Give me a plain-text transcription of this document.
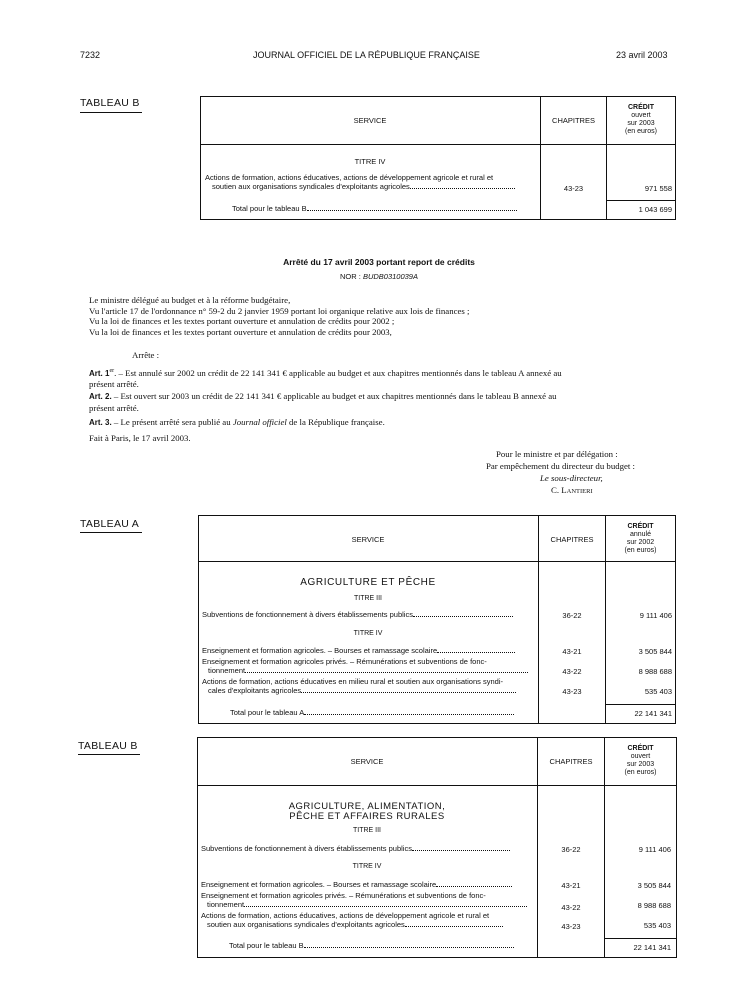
7232	JOURNAL OFFICIEL DE LA RÉPUBLIQUE FRANÇAISE	23 avril 2003
TABLEAU B
SERVICE	CHAPITRES
CRÉDIT
ouvert
sur 2003
(en euros)
TITRE IV
Actions de formation, actions éducatives, actions de développement agricole et rural et
soutien aux organisations syndicales d'exploitants agricoles	43-23	971 558
Total pour le tableau B	1 043 699
Arrêté du 17 avril 2003 portant report de crédits
NOR : BUDB0310039A

Le ministre délégué au budget et à la réforme budgétaire,

Vu l'article 17 de l'ordonnance n° 59-2 du 2 janvier 1959 portant loi organique relative aux lois de finances ;

Vu la loi de finances et les textes portant ouverture et annulation de crédits pour 2002 ;

Vu la loi de finances et les textes portant ouverture et annulation de crédits pour 2003,

Arrête :

Art. 1er. – Est annulé sur 2002 un crédit de 22 141 341 € applicable au budget et aux chapitres mentionnés dans le tableau A annexé au

présent arrêté.

Art. 2. – Est ouvert sur 2003 un crédit de 22 141 341 € applicable au budget et aux chapitres mentionnés dans le tableau B annexé au

présent arrêté.

Art. 3. – Le présent arrêté sera publié au Journal officiel de la République française.

Fait à Paris, le 17 avril 2003.
Pour le ministre et par délégation :
Par empêchement du directeur du budget :
Le sous-directeur,
C. LANTIERI
TABLEAU A
SERVICE	CHAPITRES
CRÉDIT
annulé
sur 2002
(en euros)
AGRICULTURE ET PÊCHE
TITRE III
Subventions de fonctionnement à divers établissements publics	36-22	9 111 406
TITRE IV
Enseignement et formation agricoles. – Bourses et ramassage scolaire	43-21	3 505 844
Enseignement et formation agricoles privés. – Rémunérations et subventions de fonc-
tionnement	43-22	8 988 688
Actions de formation, actions éducatives en milieu rural et soutien aux organisations syndi-
cales d'exploitants agricoles	43-23	535 403
Total pour le tableau A	22 141 341
TABLEAU B
SERVICE	CHAPITRES
CRÉDIT
ouvert
sur 2003
(en euros)
AGRICULTURE, ALIMENTATION,
PÊCHE ET AFFAIRES RURALES
TITRE III
Subventions de fonctionnement à divers établissements publics	36-22	9 111 406
TITRE IV
Enseignement et formation agricoles. – Bourses et ramassage scolaire	43-21	3 505 844
Enseignement et formation agricoles privés. – Rémunérations et subventions de fonc-
tionnement	43-22	8 988 688
Actions de formation, actions éducatives, actions de développement agricole et rural et
soutien aux organisations syndicales d'exploitants agricoles	43-23	535 403
Total pour le tableau B	22 141 341
